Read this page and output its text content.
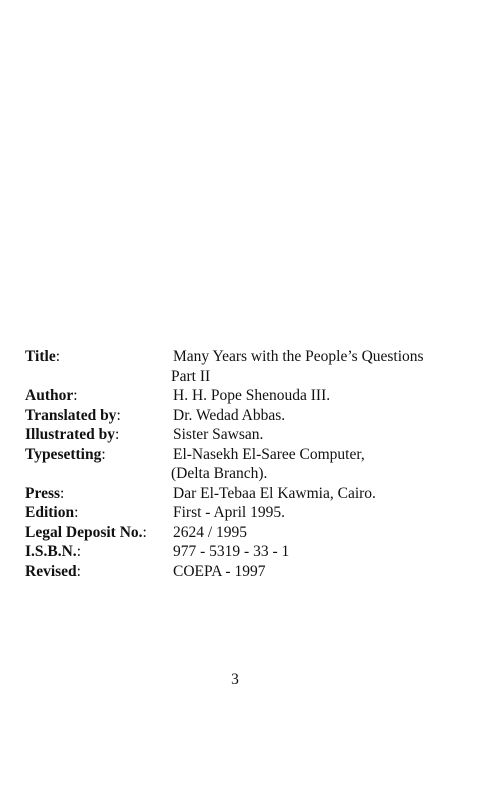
Title:	Many Years with the People’s Questions
Part II
Author:	H. H. Pope Shenouda III.
Translated by:	Dr. Wedad Abbas.
Illustrated by:	Sister Sawsan.
Typesetting:	El-Nasekh El-Saree Computer,
(Delta Branch).
Press:	Dar El-Tebaa El Kawmia, Cairo.
Edition:	First - April 1995.
Legal Deposit No.:	2624 / 1995
I.S.B.N.:	977 - 5319 - 33 - 1
Revised:	COEPA - 1997
3
